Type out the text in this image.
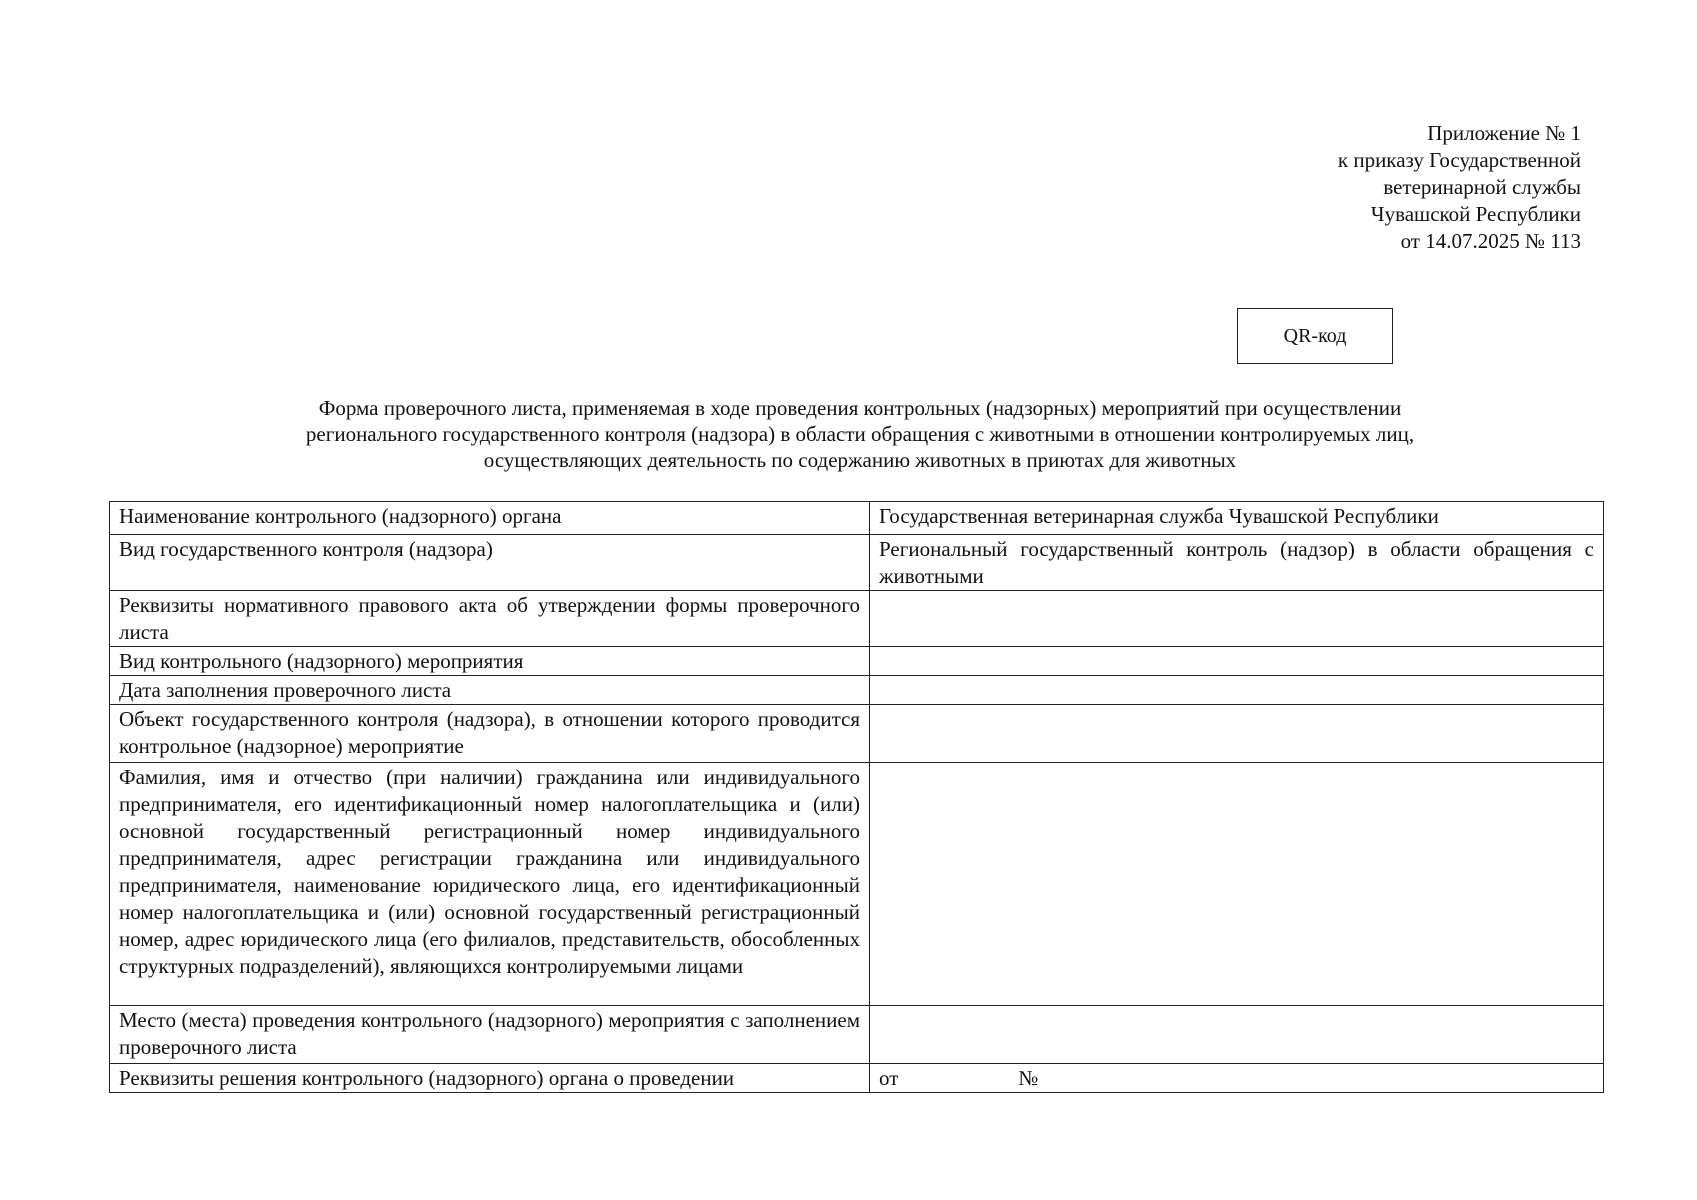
Приложение № 1
к приказу Государственной
ветеринарной службы
Чувашской Республики
от 14.07.2025 № 113
QR-код
Форма проверочного листа, применяемая в ходе проведения контрольных (надзорных) мероприятий при осуществлении
регионального государственного контроля (надзора) в области обращения с животными в отношении контролируемых лиц,
осуществляющих деятельность по содержанию животных в приютах для животных
Наименование контрольного (надзорного) органа	Государственная ветеринарная служба Чувашской Республики
Вид государственного контроля (надзора)	Региональный государственный контроль (надзор) в области обращения с животными
Реквизиты нормативного правового акта об утверждении формы проверочного листа	
Вид контрольного (надзорного) мероприятия	
Дата заполнения проверочного листа	
Объект государственного контроля (надзора), в отношении которого проводится контрольное (надзорное) мероприятие	
Фамилия, имя и отчество (при наличии) гражданина или индивидуального предпринимателя, его идентификационный номер налогоплательщика и (или) основной государственный регистрационный номер индивидуального предпринимателя, адрес регистрации гражданина или индивидуального предпринимателя, наименование юридического лица, его идентификационный номер налогоплательщика и (или) основной государственный регистрационный номер, адрес юридического лица (его филиалов, представительств, обособленных структурных подразделений), являющихся контролируемыми лицами	
Место (места) проведения контрольного (надзорного) мероприятия с заполнением проверочного листа	
Реквизиты решения контрольного (надзорного) органа о проведении	от №
